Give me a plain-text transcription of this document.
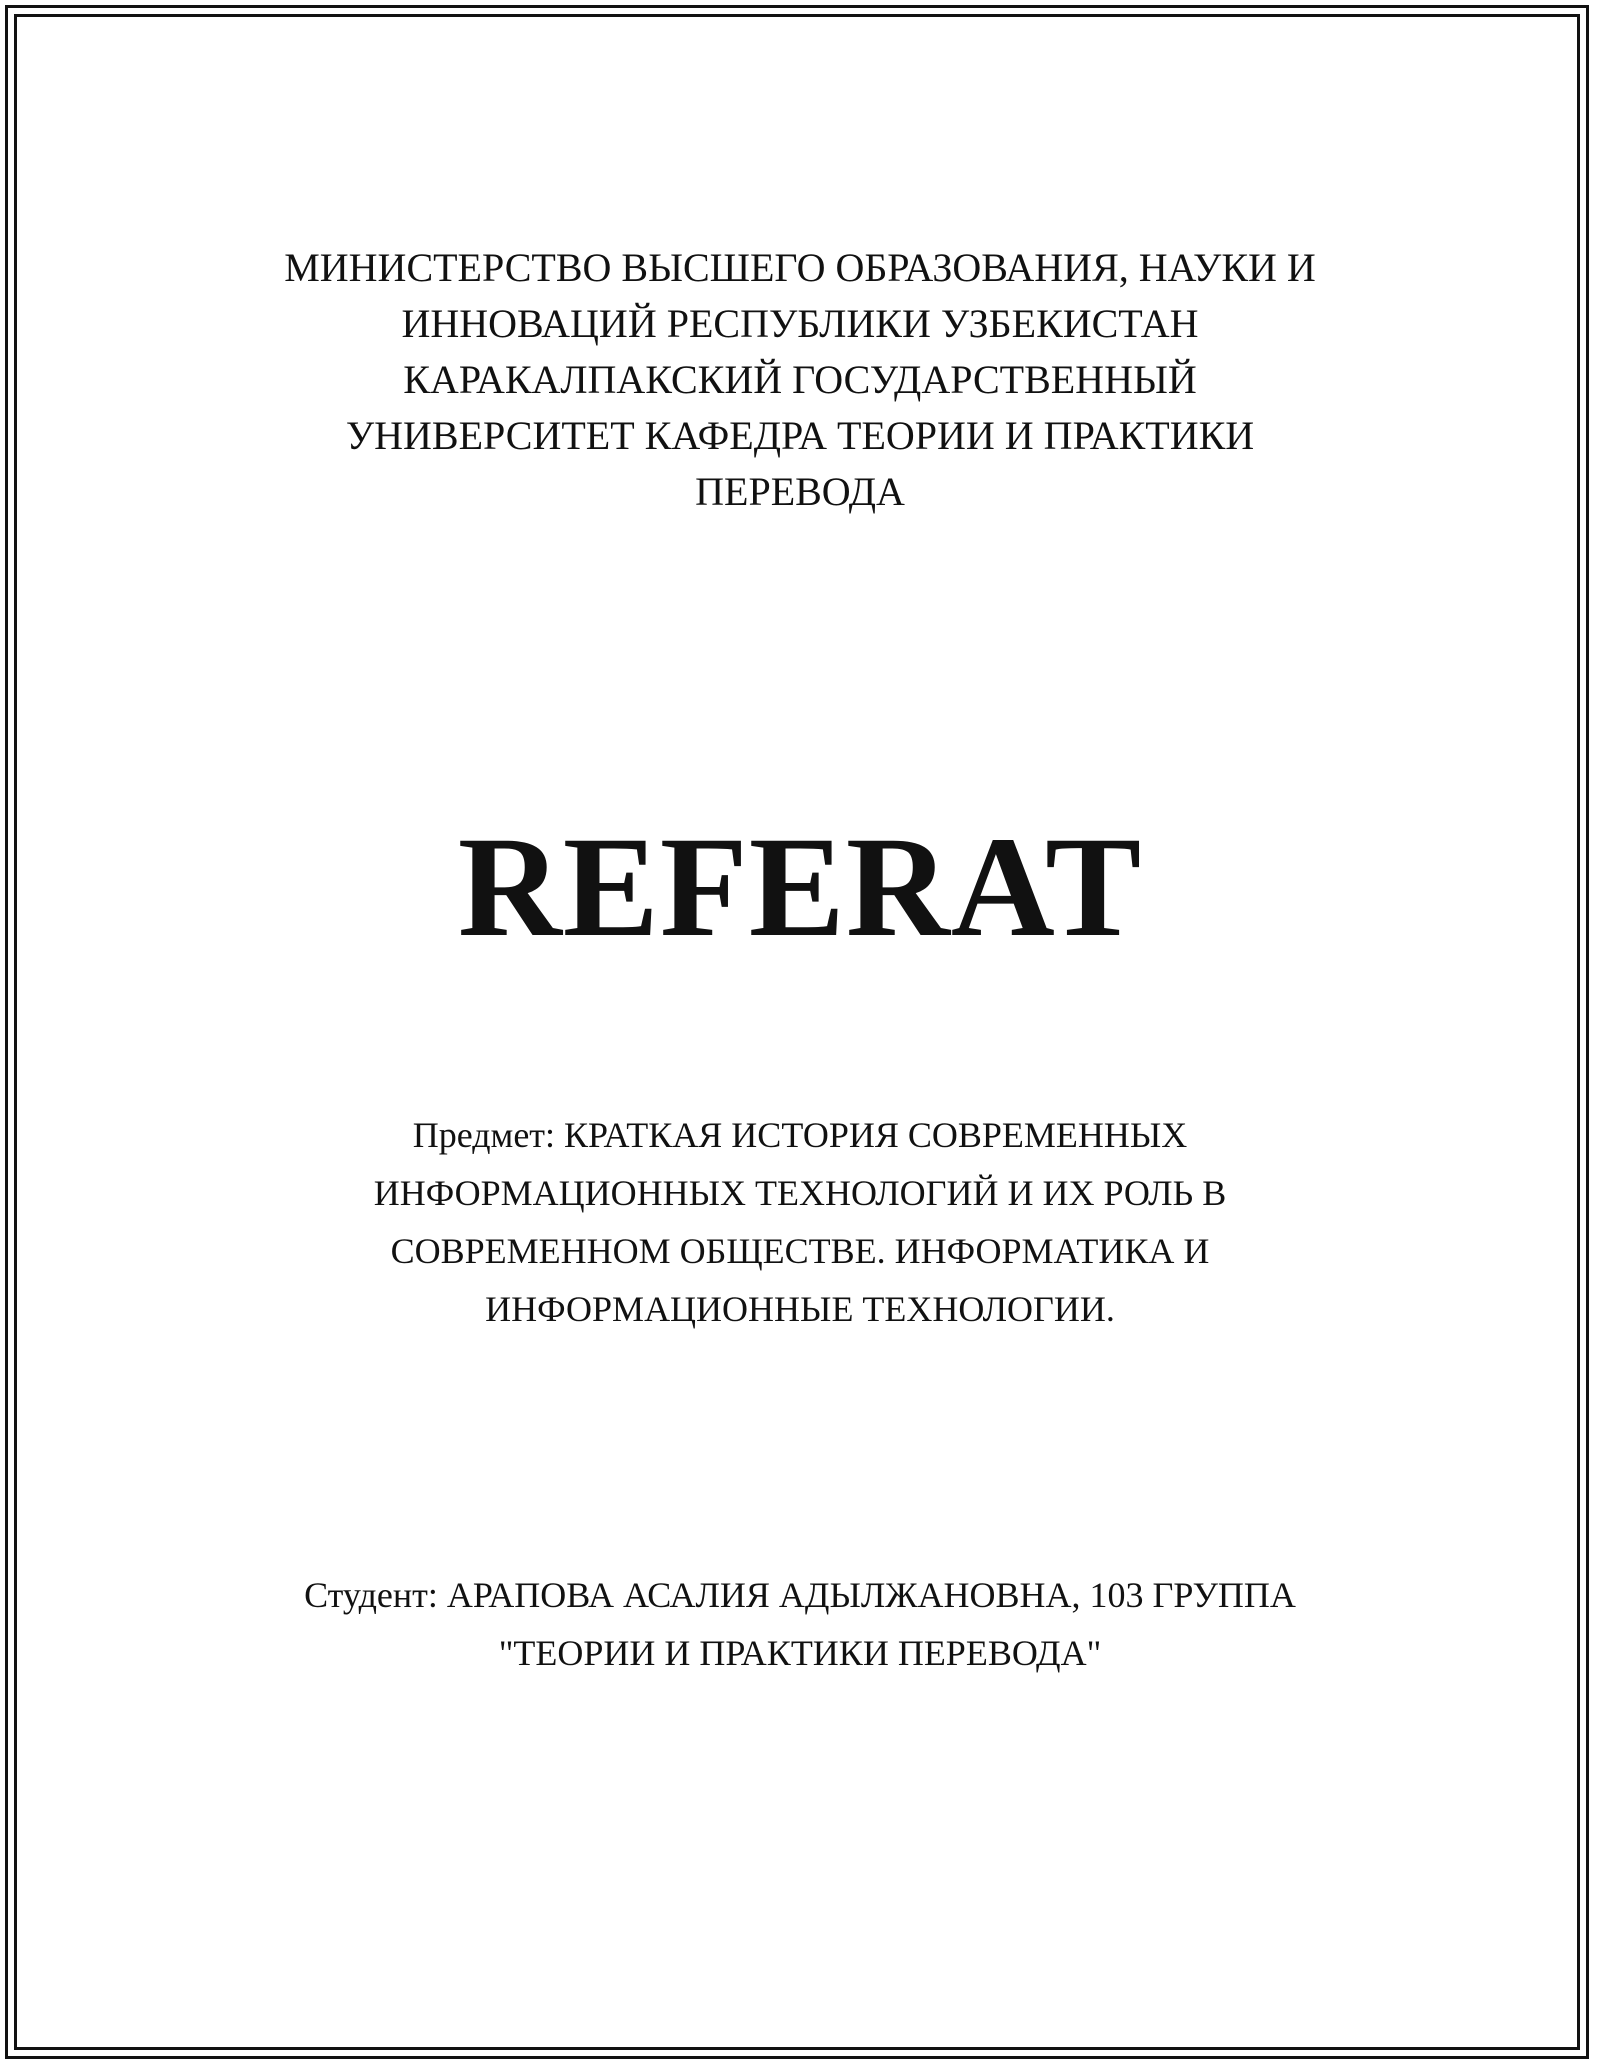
МИНИСТЕРСТВО ВЫСШЕГО ОБРАЗОВАНИЯ, НАУКИ И
ИННОВАЦИЙ РЕСПУБЛИКИ УЗБЕКИСТАН
КАРАКАЛПАКСКИЙ ГОСУДАРСТВЕННЫЙ
УНИВЕРСИТЕТ КАФЕДРА ТЕОРИИ И ПРАКТИКИ
ПЕРЕВОДА
REFERAT
Предмет: КРАТКАЯ ИСТОРИЯ СОВРЕМЕННЫХ
ИНФОРМАЦИОННЫХ ТЕХНОЛОГИЙ И ИХ РОЛЬ В
СОВРЕМЕННОМ ОБЩЕСТВЕ. ИНФОРМАТИКА И
ИНФОРМАЦИОННЫЕ ТЕХНОЛОГИИ.
Студент: АРАПОВА АСАЛИЯ АДЫЛЖАНОВНА, 103 ГРУППА
"ТЕОРИИ И ПРАКТИКИ ПЕРЕВОДА"
